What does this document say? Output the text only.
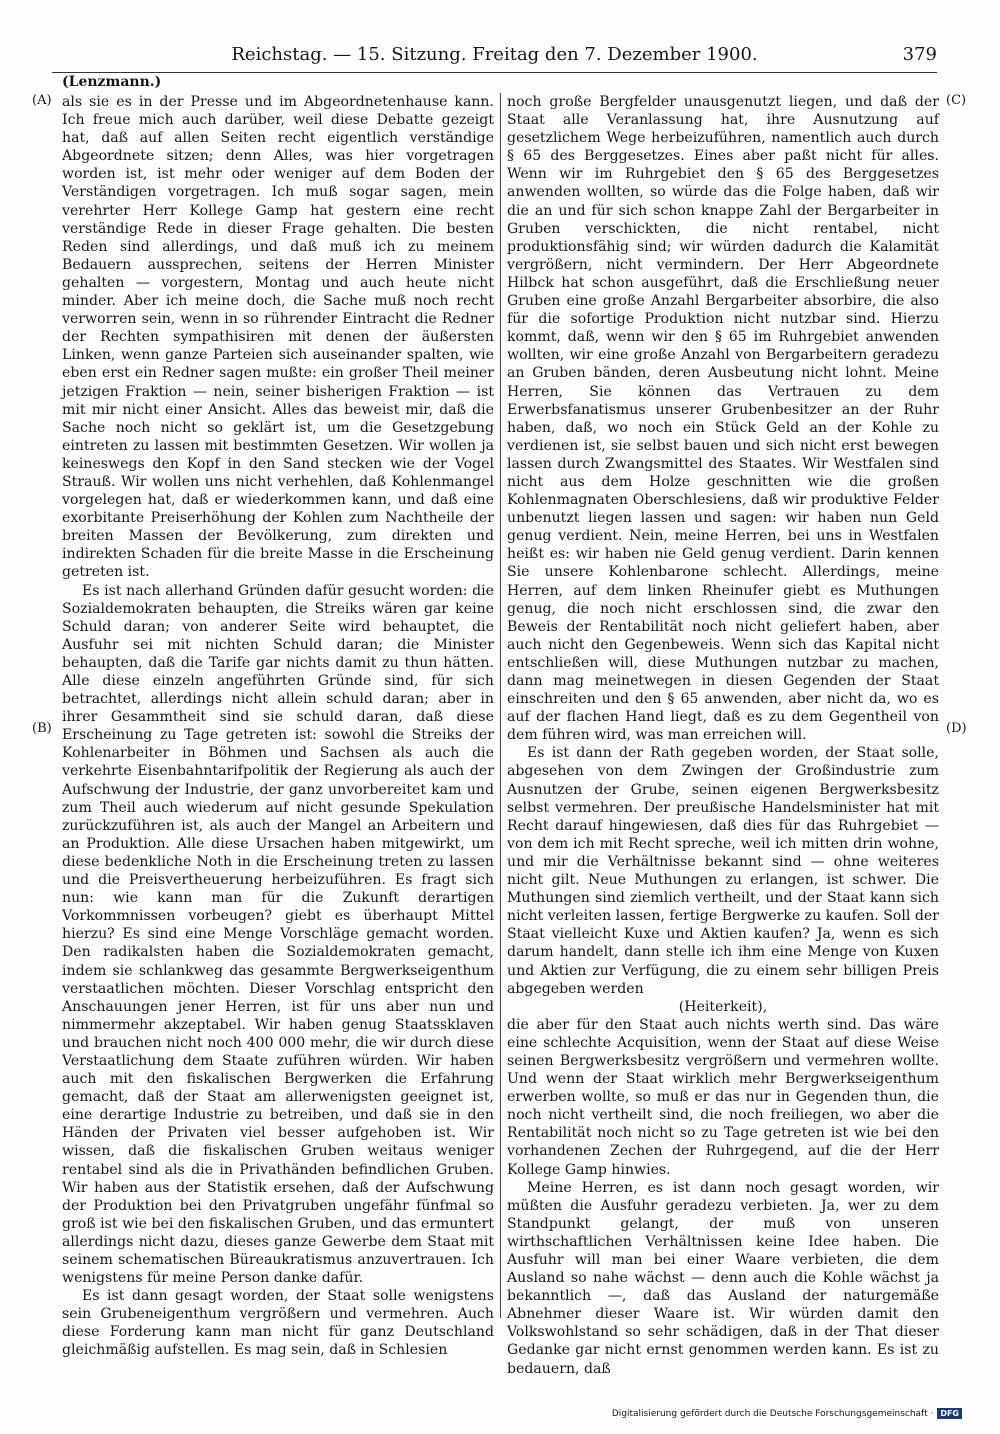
Reichstag. — 15. Sitzung. Freitag den 7. Dezember 1900.	379
(Lenzmann.)
(A)
(B)
(C)
(D)

als sie es in der Presse und im Abgeordnetenhause kann. Ich freue mich auch darüber, weil diese Debatte gezeigt hat, daß auf allen Seiten recht eigentlich verständige Abgeordnete sitzen; denn Alles, was hier vorgetragen worden ist, ist mehr oder weniger auf dem Boden der Verständigen vorgetragen. Ich muß sogar sagen, mein verehrter Herr Kollege Gamp hat gestern eine recht verständige Rede in dieser Frage gehalten. Die besten Reden sind allerdings, und daß muß ich zu meinem Bedauern aussprechen, seitens der Herren Minister gehalten — vorgestern, Montag und auch heute nicht minder. Aber ich meine doch, die Sache muß noch recht verworren sein, wenn in so rührender Eintracht die Redner der Rechten sympathisiren mit denen der äußersten Linken, wenn ganze Parteien sich auseinander spalten, wie eben erst ein Redner sagen mußte: ein großer Theil meiner jetzigen Fraktion — nein, seiner bisherigen Fraktion — ist mit mir nicht einer Ansicht. Alles das beweist mir, daß die Sache noch nicht so geklärt ist, um die Gesetzgebung eintreten zu lassen mit bestimmten Gesetzen. Wir wollen ja keineswegs den Kopf in den Sand stecken wie der Vogel Strauß. Wir wollen uns nicht verhehlen, daß Kohlenmangel vorgelegen hat, daß er wiederkommen kann, und daß eine exorbitante Preiserhöhung der Kohlen zum Nachtheile der breiten Massen der Bevölkerung, zum direkten und indirekten Schaden für die breite Masse in die Erscheinung getreten ist.

Es ist nach allerhand Gründen dafür gesucht worden: die Sozialdemokraten behaupten, die Streiks wären gar keine Schuld daran; von anderer Seite wird behauptet, die Ausfuhr sei mit nichten Schuld daran; die Minister behaupten, daß die Tarife gar nichts damit zu thun hätten. Alle diese einzeln angeführten Gründe sind, für sich betrachtet, allerdings nicht allein schuld daran; aber in ihrer Gesammtheit sind sie schuld daran, daß diese Erscheinung zu Tage getreten ist: sowohl die Streiks der Kohlenarbeiter in Böhmen und Sachsen als auch die verkehrte Eisenbahntarifpolitik der Regierung als auch der Aufschwung der Industrie, der ganz unvorbereitet kam und zum Theil auch wiederum auf nicht gesunde Spekulation zurückzuführen ist, als auch der Mangel an Arbeitern und an Produktion. Alle diese Ursachen haben mitgewirkt, um diese bedenkliche Noth in die Erscheinung treten zu lassen und die Preisvertheuerung herbeizuführen. Es fragt sich nun: wie kann man für die Zukunft derartigen Vorkommnissen vorbeugen? giebt es überhaupt Mittel hierzu? Es sind eine Menge Vorschläge gemacht worden. Den radikalsten haben die Sozialdemokraten gemacht, indem sie schlankweg das gesammte Bergwerkseigenthum verstaatlichen möchten. Dieser Vorschlag entspricht den Anschauungen jener Herren, ist für uns aber nun und nimmermehr akzeptabel. Wir haben genug Staatssklaven und brauchen nicht noch 400 000 mehr, die wir durch diese Verstaatlichung dem Staate zuführen würden. Wir haben auch mit den fiskalischen Bergwerken die Erfahrung gemacht, daß der Staat am allerwenigsten geeignet ist, eine derartige Industrie zu betreiben, und daß sie in den Händen der Privaten viel besser aufgehoben ist. Wir wissen, daß die fiskalischen Gruben weitaus weniger rentabel sind als die in Privathänden befindlichen Gruben. Wir haben aus der Statistik ersehen, daß der Aufschwung der Produktion bei den Privatgruben ungefähr fünfmal so groß ist wie bei den fiskalischen Gruben, und das ermuntert allerdings nicht dazu, dieses ganze Gewerbe dem Staat mit seinem schematischen Büreaukratismus anzuvertrauen. Ich wenigstens für meine Person danke dafür.

Es ist dann gesagt worden, der Staat solle wenigstens sein Grubeneigenthum vergrößern und vermehren. Auch diese Forderung kann man nicht für ganz Deutschland gleichmäßig aufstellen. Es mag sein, daß in Schlesien

noch große Bergfelder unausgenutzt liegen, und daß der Staat alle Veranlassung hat, ihre Ausnutzung auf gesetzlichem Wege herbeizuführen, namentlich auch durch § 65 des Berggesetzes. Eines aber paßt nicht für alles. Wenn wir im Ruhrgebiet den § 65 des Berggesetzes anwenden wollten, so würde das die Folge haben, daß wir die an und für sich schon knappe Zahl der Bergarbeiter in Gruben verschickten, die nicht rentabel, nicht produktionsfähig sind; wir würden dadurch die Kalamität vergrößern, nicht vermindern. Der Herr Abgeordnete Hilbck hat schon ausgeführt, daß die Erschließung neuer Gruben eine große Anzahl Bergarbeiter absorbire, die also für die sofortige Produktion nicht nutzbar sind. Hierzu kommt, daß, wenn wir den § 65 im Ruhrgebiet anwenden wollten, wir eine große Anzahl von Bergarbeitern geradezu an Gruben bänden, deren Ausbeutung nicht lohnt. Meine Herren, Sie können das Vertrauen zu dem Erwerbsfanatismus unserer Grubenbesitzer an der Ruhr haben, daß, wo noch ein Stück Geld an der Kohle zu verdienen ist, sie selbst bauen und sich nicht erst bewegen lassen durch Zwangsmittel des Staates. Wir Westfalen sind nicht aus dem Holze geschnitten wie die großen Kohlenmagnaten Oberschlesiens, daß wir produktive Felder unbenutzt liegen lassen und sagen: wir haben nun Geld genug verdient. Nein, meine Herren, bei uns in Westfalen heißt es: wir haben nie Geld genug verdient. Darin kennen Sie unsere Kohlenbarone schlecht. Allerdings, meine Herren, auf dem linken Rheinufer giebt es Muthungen genug, die noch nicht erschlossen sind, die zwar den Beweis der Rentabilität noch nicht geliefert haben, aber auch nicht den Gegenbeweis. Wenn sich das Kapital nicht entschließen will, diese Muthungen nutzbar zu machen, dann mag meinetwegen in diesen Gegenden der Staat einschreiten und den § 65 anwenden, aber nicht da, wo es auf der flachen Hand liegt, daß es zu dem Gegentheil von dem führen wird, was man erreichen will.

Es ist dann der Rath gegeben worden, der Staat solle, abgesehen von dem Zwingen der Großindustrie zum Ausnutzen der Grube, seinen eigenen Bergwerksbesitz selbst vermehren. Der preußische Handelsminister hat mit Recht darauf hingewiesen, daß dies für das Ruhrgebiet — von dem ich mit Recht spreche, weil ich mitten drin wohne, und mir die Verhältnisse bekannt sind — ohne weiteres nicht gilt. Neue Muthungen zu erlangen, ist schwer. Die Muthungen sind ziemlich vertheilt, und der Staat kann sich nicht verleiten lassen, fertige Bergwerke zu kaufen. Soll der Staat vielleicht Kuxe und Aktien kaufen? Ja, wenn es sich darum handelt, dann stelle ich ihm eine Menge von Kuxen und Aktien zur Verfügung, die zu einem sehr billigen Preis abgegeben werden

(Heiterkeit),

die aber für den Staat auch nichts werth sind. Das wäre eine schlechte Acquisition, wenn der Staat auf diese Weise seinen Bergwerksbesitz vergrößern und vermehren wollte. Und wenn der Staat wirklich mehr Bergwerkseigenthum erwerben wollte, so muß er das nur in Gegenden thun, die noch nicht vertheilt sind, die noch freiliegen, wo aber die Rentabilität noch nicht so zu Tage getreten ist wie bei den vorhandenen Zechen der Ruhrgegend, auf die der Herr Kollege Gamp hinwies.

Meine Herren, es ist dann noch gesagt worden, wir müßten die Ausfuhr geradezu verbieten. Ja, wer zu dem Standpunkt gelangt, der muß von unseren wirthschaftlichen Verhältnissen keine Idee haben. Die Ausfuhr will man bei einer Waare verbieten, die dem Ausland so nahe wächst — denn auch die Kohle wächst ja bekanntlich —, daß das Ausland der naturgemäße Abnehmer dieser Waare ist. Wir würden damit den Volkswohlstand so sehr schädigen, daß in der That dieser Gedanke gar nicht ernst genommen werden kann. Es ist zu bedauern, daß

Digitalisierung gefördert durch die Deutsche Forschungsgemeinschaft · DFG
